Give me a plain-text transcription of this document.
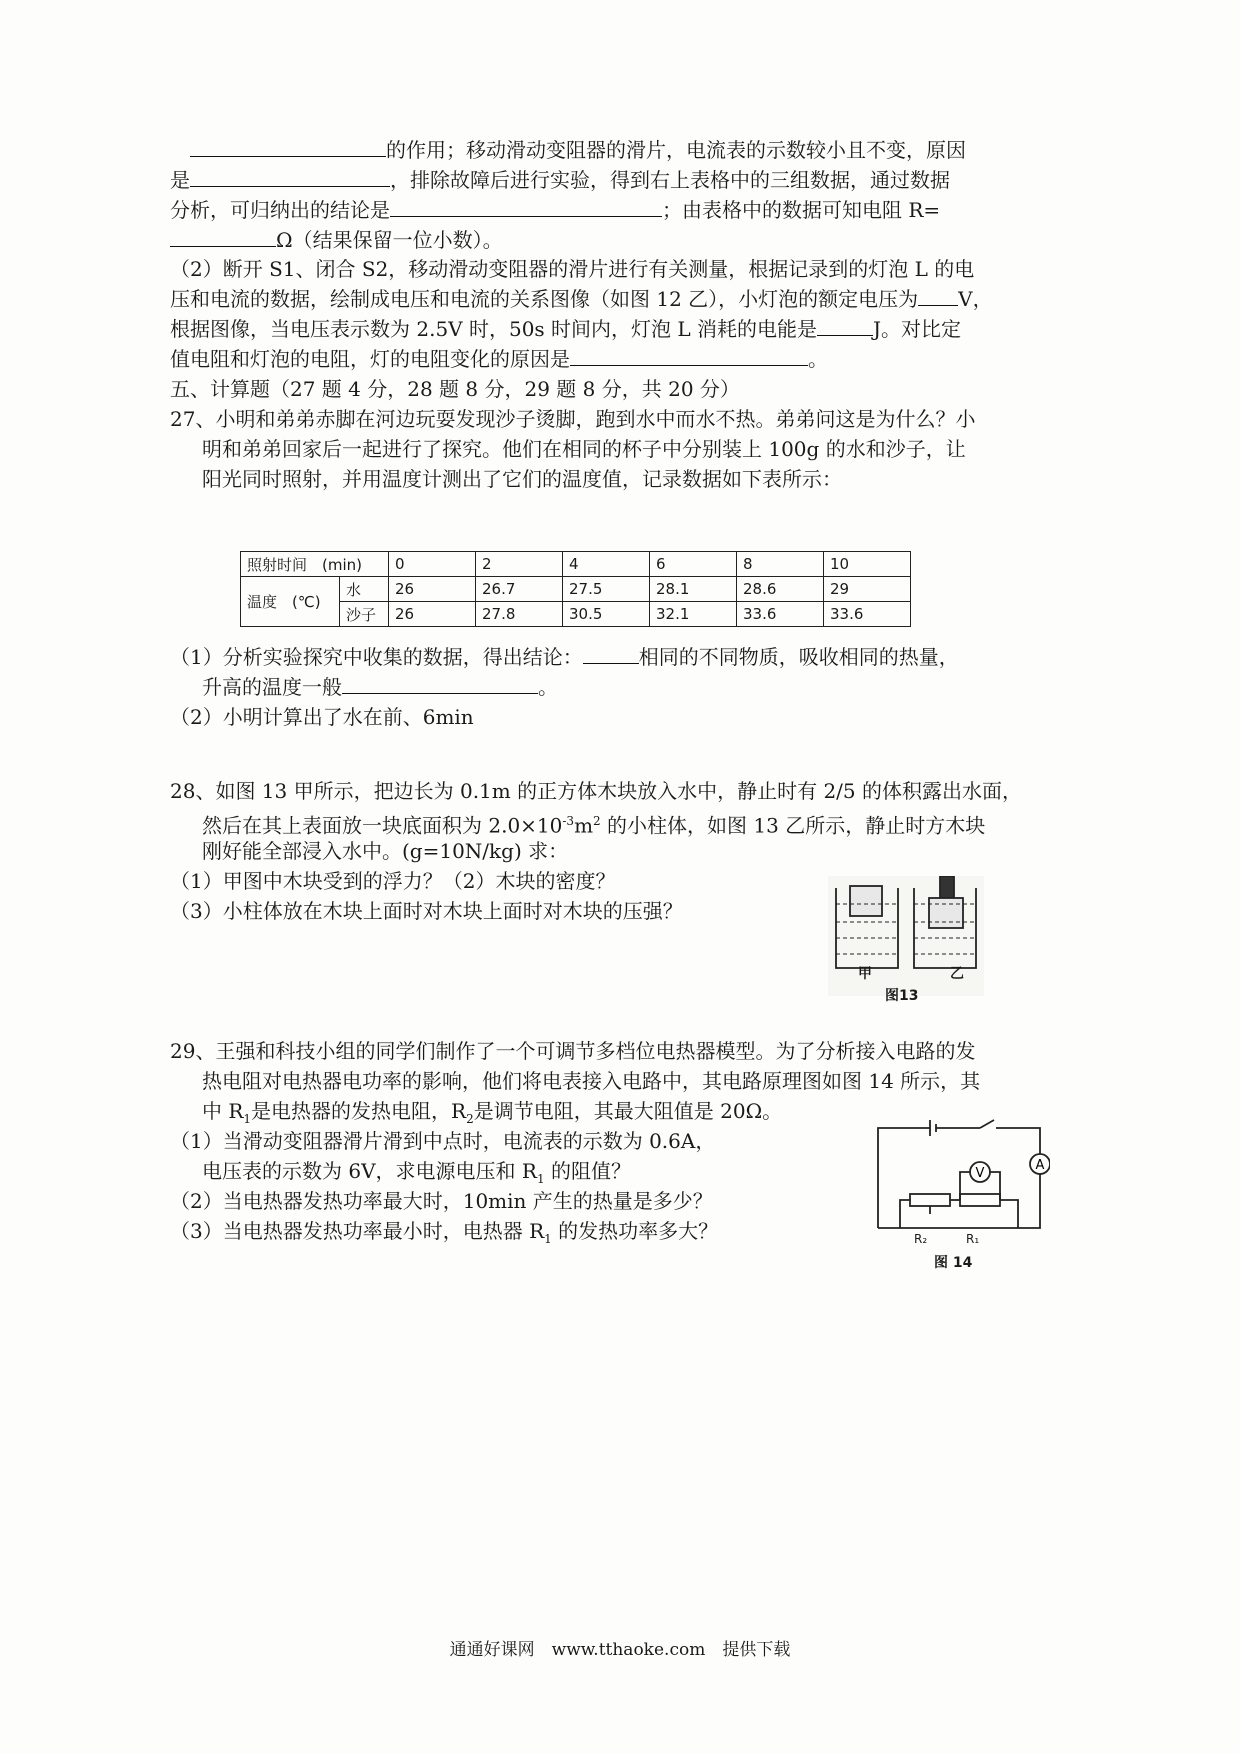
的作用；移动滑动变阻器的滑片，电流表的示数较小且不变，原因
是	，排除故障后进行实验，得到右上表格中的三组数据，通过数据
分析，可归纳出的结论是	；由表格中的数据可知电阻 R=
Ω（结果保留一位小数）。
（2）断开 S1、闭合 S2，移动滑动变阻器的滑片进行有关测量，根据记录到的灯泡 L 的电
压和电流的数据，绘制成电压和电流的关系图像（如图 12 乙），小灯泡的额定电压为 V，
根据图像，当电压表示数为 2.5V 时，50s 时间内，灯泡 L 消耗的电能是	J。对比定
值电阻和灯泡的电阻，灯的电阻变化的原因是	。
五、计算题（27 题 4 分，28 题 8 分，29 题 8 分，共 20 分）
27、小明和弟弟赤脚在河边玩耍发现沙子烫脚，跑到水中而水不热。弟弟问这是为什么？小
明和弟弟回家后一起进行了探究。他们在相同的杯子中分别装上 100g 的水和沙子，让
阳光同时照射，并用温度计测出了它们的温度值，记录数据如下表所示：
照射时间　(min)		0	2	4	6	8	10
温度　(℃)	水	26	26.7	27.5	28.1	28.6	29
	沙子	26	27.8	30.5	32.1	33.6	33.6
（1）分析实验探究中收集的数据，得出结论：	相同的不同物质，吸收相同的热量，
升高的温度一般	。
（2）小明计算出了水在前、6min
28、如图 13 甲所示，把边长为 0.1m 的正方体木块放入水中，静止时有 2/5 的体积露出水面，
然后在其上表面放一块底面积为 $2.0\times 10^{-3}m^2$ 的小柱体，如图 13 乙所示，静止时方木块
刚好能全部浸入水中。(g=10N/kg) 求：
（1）甲图中木块受到的浮力？（2）木块的密度？
（3）小柱体放在木块上面时对木块上面时对木块的压强？
甲	乙
图13
29、王强和科技小组的同学们制作了一个可调节多档位电热器模型。为了分析接入电路的发
热电阻对电热器电功率的影响，他们将电表接入电路中，其电路原理图如图 14 所示，其
中 $R_1$是电热器的发热电阻，$R_2$是调节电阻，其最大阻值是 20Ω。
（1）当滑动变阻器滑片滑到中点时，电流表的示数为 0.6A，
电压表的示数为 6V，求电源电压和 $R_1$ 的阻值？
（2）当电热器发热功率最大时，10min 产生的热量是多少？
（3）当电热器发热功率最小时，电热器 $R_1$ 的发热功率多大？
A
V
R₂	R₁
图 14
通通好课网　www.tthaoke.com　提供下载
